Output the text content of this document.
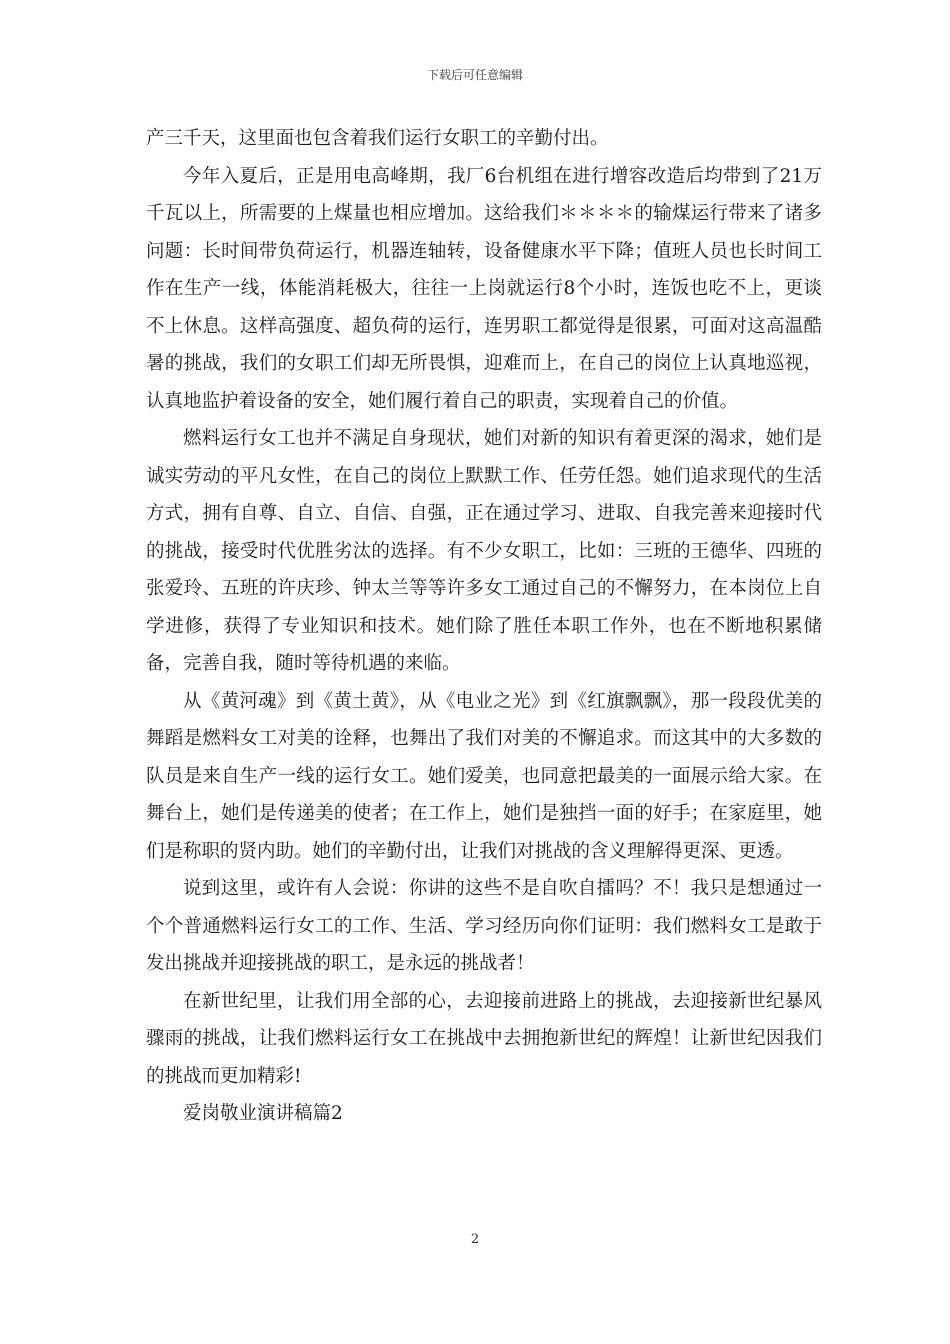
下载后可任意编辑

产三千天，这里面也包含着我们运行女职工的辛勤付出。

今年入夏后，正是用电高峰期，我厂6台机组在进行增容改造后均带到了21万千瓦以上，所需要的上煤量也相应增加。这给我们＊＊＊＊的输煤运行带来了诸多问题：长时间带负荷运行，机器连轴转，设备健康水平下降；值班人员也长时间工作在生产一线，体能消耗极大，往往一上岗就运行8个小时，连饭也吃不上，更谈不上休息。这样高强度、超负荷的运行，连男职工都觉得是很累，可面对这高温酷暑的挑战，我们的女职工们却无所畏惧，迎难而上，在自己的岗位上认真地巡视，认真地监护着设备的安全，她们履行着自己的职责，实现着自己的价值。

燃料运行女工也并不满足自身现状，她们对新的知识有着更深的渴求，她们是诚实劳动的平凡女性，在自己的岗位上默默工作、任劳任怨。她们追求现代的生活方式，拥有自尊、自立、自信、自强，正在通过学习、进取、自我完善来迎接时代的挑战，接受时代优胜劣汰的选择。有不少女职工，比如：三班的王德华、四班的张爱玲、五班的许庆珍、钟太兰等等许多女工通过自己的不懈努力，在本岗位上自学进修，获得了专业知识和技术。她们除了胜任本职工作外，也在不断地积累储备，完善自我，随时等待机遇的来临。

从《黄河魂》到《黄土黄》，从《电业之光》到《红旗飘飘》，那一段段优美的舞蹈是燃料女工对美的诠释，也舞出了我们对美的不懈追求。而这其中的大多数的队员是来自生产一线的运行女工。她们爱美，也同意把最美的一面展示给大家。在舞台上，她们是传递美的使者；在工作上，她们是独挡一面的好手；在家庭里，她们是称职的贤内助。她们的辛勤付出，让我们对挑战的含义理解得更深、更透。

说到这里，或许有人会说：你讲的这些不是自吹自擂吗？不！我只是想通过一个个普通燃料运行女工的工作、生活、学习经历向你们证明：我们燃料女工是敢于发出挑战并迎接挑战的职工，是永远的挑战者！

在新世纪里，让我们用全部的心，去迎接前进路上的挑战，去迎接新世纪暴风骤雨的挑战，让我们燃料运行女工在挑战中去拥抱新世纪的辉煌！让新世纪因我们的挑战而更加精彩!

爱岗敬业演讲稿篇2

2
